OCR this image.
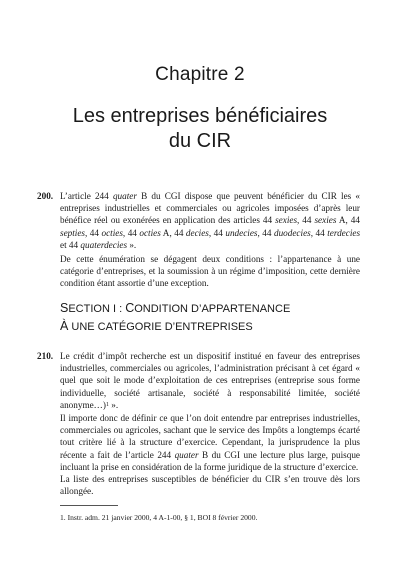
Chapitre 2
Les entreprises bénéficiaires
du CIR
200. L’article 244 quater B du CGI dispose que peuvent bénéficier du CIR les « entreprises industrielles et commerciales ou agricoles imposées d’après leur bénéfice réel ou exonérées en application des articles 44 sexies, 44 sexies A, 44 septies, 44 octies, 44 octies A, 44 decies, 44 undecies, 44 duodecies, 44 terdecies et 44 quaterdecies ».
De cette énumération se dégagent deux conditions : l’appartenance à une catégorie d’entreprises, et la soumission à un régime d’imposition, cette dernière condition étant assortie d’une exception.
SECTION I : CONDITION D’APPARTENANCE
À UNE CATÉGORIE D’ENTREPRISES
210. Le crédit d’impôt recherche est un dispositif institué en faveur des entreprises industrielles, commerciales ou agricoles, l’administration précisant à cet égard « quel que soit le mode d’exploitation de ces entreprises (entreprise sous forme individuelle, société artisanale, société à responsabilité limitée, société anonyme…)$^1$ ».
Il importe donc de définir ce que l’on doit entendre par entreprises industrielles, commerciales ou agricoles, sachant que le service des Impôts a longtemps écarté tout critère lié à la structure d’exercice. Cependant, la jurisprudence la plus récente a fait de l’article 244 quater B du CGI une lecture plus large, puisque incluant la prise en considération de la forme juridique de la structure d’exercice.
La liste des entreprises susceptibles de bénéficier du CIR s’en trouve dès lors allongée.
1. Instr. adm. 21 janvier 2000, 4 A-1-00, § 1, BOI 8 février 2000.
